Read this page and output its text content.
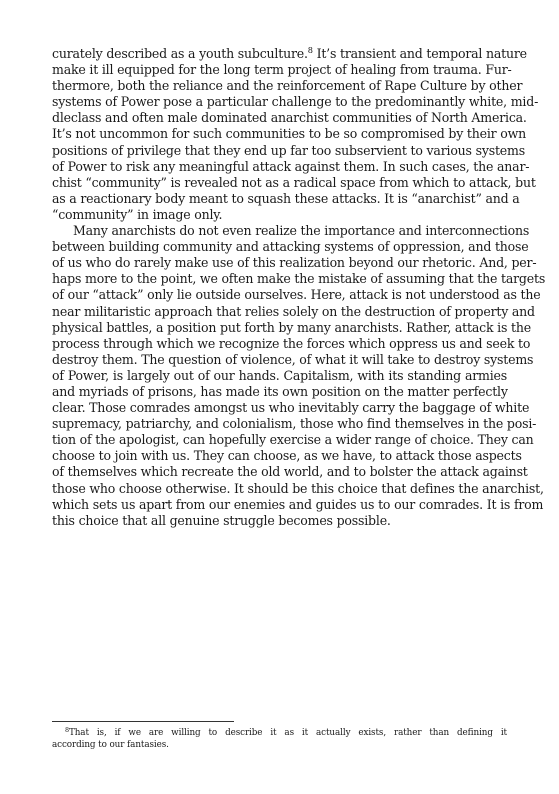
curately described as a youth subculture.$^8$ It’s transient and temporal nature
make it ill equipped for the long term project of healing from trauma. Fur-
thermore, both the reliance and the reinforcement of Rape Culture by other
systems of Power pose a particular challenge to the predominantly white, mid-
dleclass and often male dominated anarchist communities of North America.
It’s not uncommon for such communities to be so compromised by their own
positions of privilege that they end up far too subservient to various systems
of Power to risk any meaningful attack against them. In such cases, the anar-
chist “community” is revealed not as a radical space from which to attack, but
as a reactionary body meant to squash these attacks. It is “anarchist” and a
“community” in image only.
Many anarchists do not even realize the importance and interconnections
between building community and attacking systems of oppression, and those
of us who do rarely make use of this realization beyond our rhetoric. And, per-
haps more to the point, we often make the mistake of assuming that the targets
of our “attack” only lie outside ourselves. Here, attack is not understood as the
near militaristic approach that relies solely on the destruction of property and
physical battles, a position put forth by many anarchists. Rather, attack is the
process through which we recognize the forces which oppress us and seek to
destroy them. The question of violence, of what it will take to destroy systems
of Power, is largely out of our hands. Capitalism, with its standing armies
and myriads of prisons, has made its own position on the matter perfectly
clear. Those comrades amongst us who inevitably carry the baggage of white
supremacy, patriarchy, and colonialism, those who find themselves in the posi-
tion of the apologist, can hopefully exercise a wider range of choice. They can
choose to join with us. They can choose, as we have, to attack those aspects
of themselves which recreate the old world, and to bolster the attack against
those who choose otherwise. It should be this choice that defines the anarchist,
which sets us apart from our enemies and guides us to our comrades. It is from
this choice that all genuine struggle becomes possible.
$^8$That is, if we are willing to describe it as it actually exists, rather than defining it
according to our fantasies.
